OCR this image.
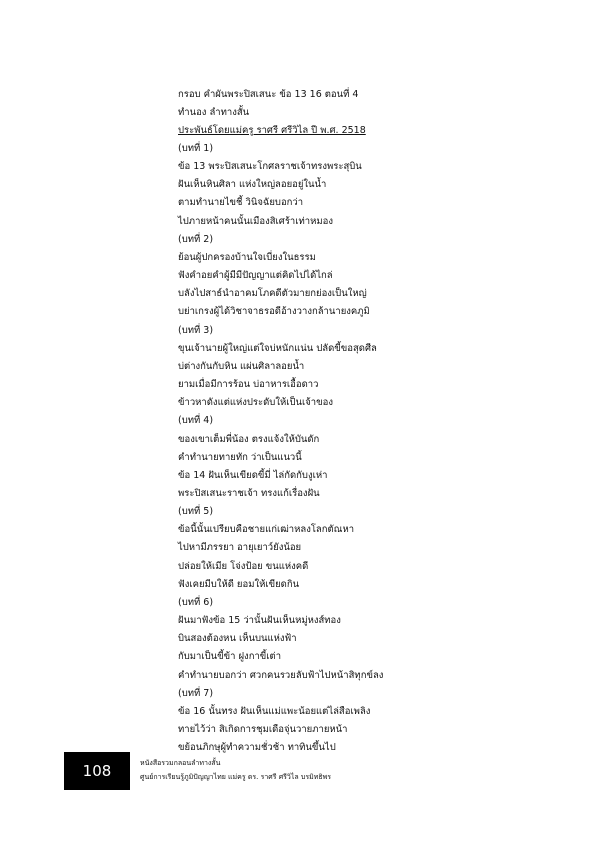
กรอบ คำผันพระปิสเสนะ ข้อ 13 16 ตอนที่ 4
ทำนอง ลำทางสั้น
ประพันธ์โดยแม่ครู ราศรี ศรีวิไล ปี พ.ศ. 2518
(บทที่ 1)
ข้อ 13 พระปิสเสนะโกศลราชเจ้าทรงพระสุบิน
ฝันเห็นหินศิลา แห่งใหญ่ลอยอยู่ในน้ำ
ตามทำนายไขชี้ วินิจฉัยบอกว่า
ไปภายหน้าคนนั้นเมืองสิเศร้าเท่าหมอง
(บทที่ 2)
ย้อนผู้ปกครองบ้านใจเบี่ยงในธรรม
ฟังคำอยคำผู้มีมีปัญญาแต่คิดไปได้ไกล่
บลังไปสาธ์นำอาคมโภคดีตัวมายกย่องเป็นใหญ่
บย่าเกรงผู้ได้วิชาจาธรอดีอ้างวางกล้านายงคภูมิ
(บทที่ 3)
ขุนเจ้านายผู้ใหญ่แต่ใจบ่หนักแน่น ปลัดขี้ขอสุดศีล
บ่ต่างกันกับหิน แผ่นศิลาลอยน้ำ
ยามเมื่อมีการร้อน บ่อาหารเอื้อดาว
ข้าวหาดังแต่แห่งประดับให้เป็นเจ้าของ
(บทที่ 4)
ของเขาเต็มพี่น้อง ตรงแจ้งให้บันดัก
คำทำนายทายทัก ว่าเป็นแนวนี้
ข้อ 14 ฝันเห็นเขียดขี้มี่ ไล่กัดกับงูเห่า
พระปิสเสนะราชเจ้า ทรงแก้เรื่องฝัน
(บทที่ 5)
ข้อนี้นั้นเปรียบคือชายแก่เฒ่าหลงโลกตัณหา
ไปหามีภรรยา อายุเยาว์ยังน้อย
ปล่อยให้เมีย โจ่งป้อย ขนแห่งคดี
ฟังเคยมีบให้ดี ยอมให้เขียดกิน
(บทที่ 6)
ฝันมาฟังข้อ 15 ว่านั้นฝันเห็นหมู่หงส์ทอง
บินสองต้องหน เห็นบนแห่งฟ้า
กับมาเป็นขี้ข้า ฝูงกาขี้เต่า
คำทำนายบอกว่า ศวกคนรวยลับฟ้าไปหน้าสิทุกข์ลง
(บทที่ 7)
ข้อ 16 นั้นทรง ฝันเห็นแม่แพะน้อยแต่ไล่สือเพลิง
ทายไว้ว่า สิเกิดการชุมเดือจุ่นวายภายหน้า
ขย้อนภิกษุผู้ทำความชั่วช้า ทาทินขึ้นไป
108	หนังสือรวมกลอนลำทางสั้น
ศูนย์การเรียนรู้ภูมิปัญญาไทย แม่ครู ดร. ราศรี ศรีวิไล บรมิทธิพร
